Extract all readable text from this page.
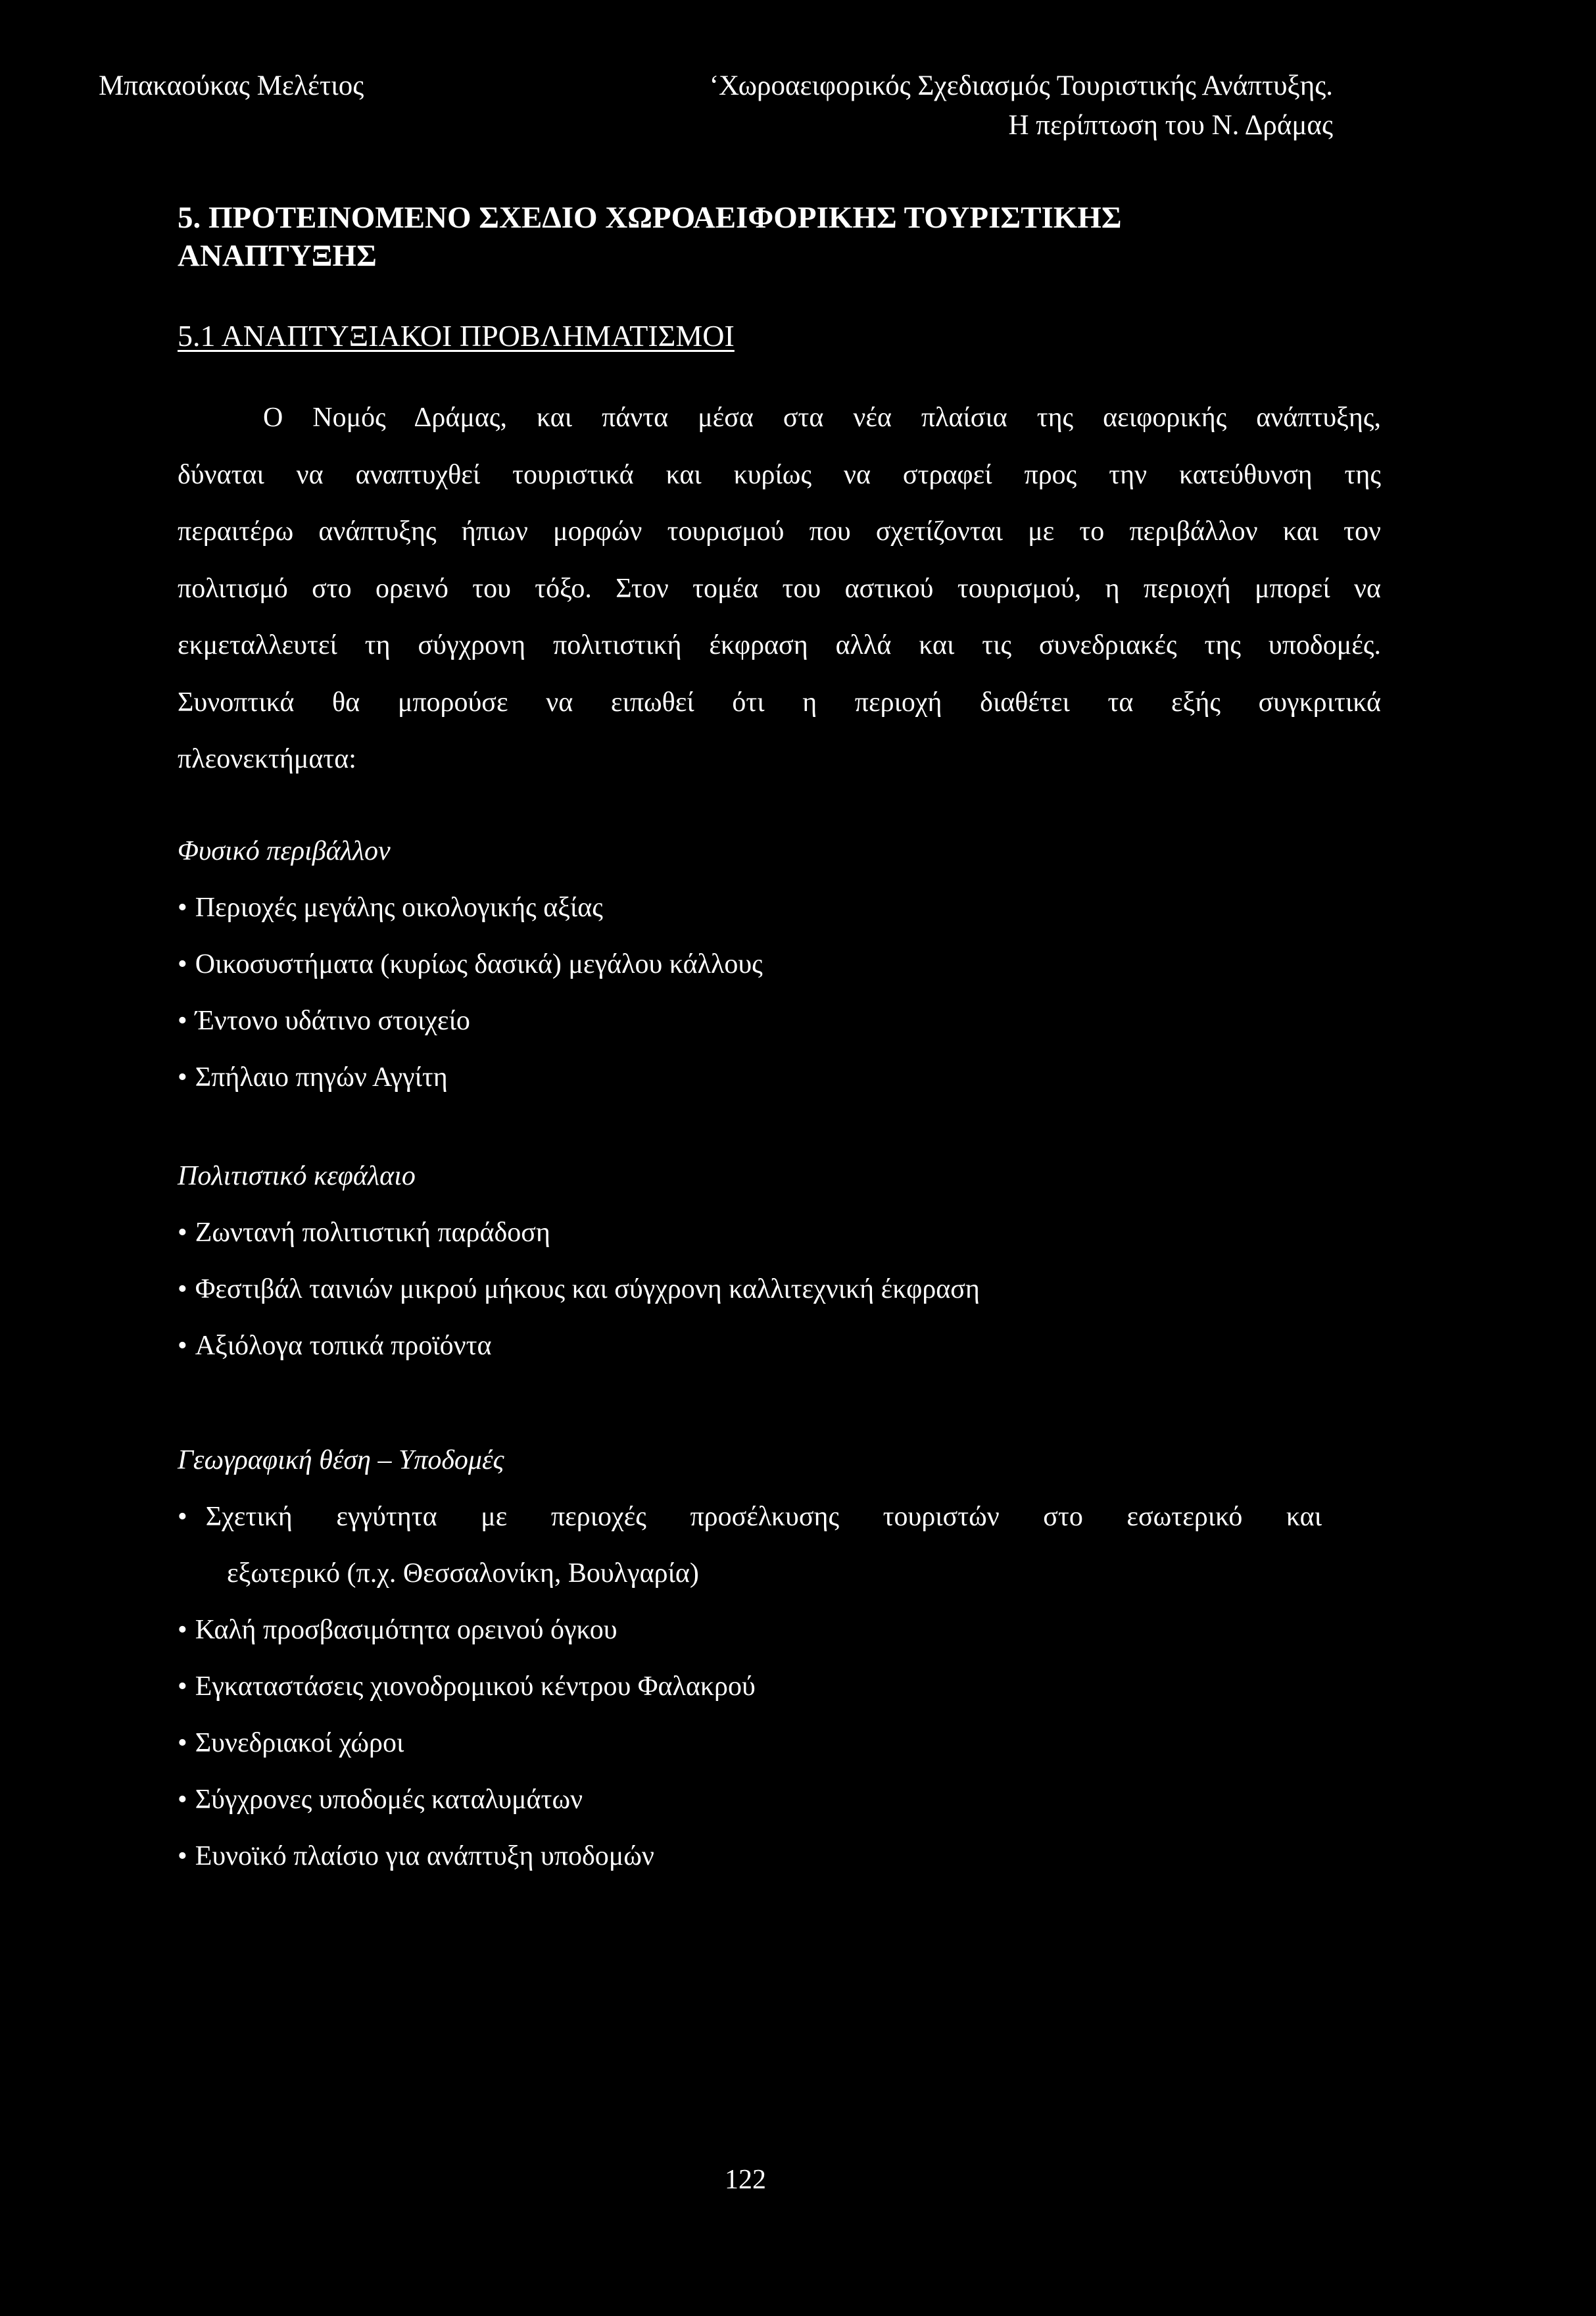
Μπακαούκας Μελέτιος	‘Χωροαειφορικός Σχεδιασμός Τουριστικής Ανάπτυξης.
Η περίπτωση του Ν. Δράμας
5. ΠΡΟΤΕΙΝΟΜΕΝΟ ΣΧΕΔΙΟ ΧΩΡΟΑΕΙΦΟΡΙΚΗΣ ΤΟΥΡΙΣΤΙΚΗΣ
ΑΝΑΠΤΥΞΗΣ
5.1 ΑΝΑΠΤΥΞΙΑΚΟΙ ΠΡΟΒΛΗΜΑΤΙΣΜΟΙ
Ο Νομός Δράμας, και πάντα μέσα στα νέα πλαίσια της αειφορικής ανάπτυξης,
δύναται να αναπτυχθεί τουριστικά και κυρίως να στραφεί προς την κατεύθυνση της
περαιτέρω ανάπτυξης ήπιων μορφών τουρισμού που σχετίζονται με το περιβάλλον και τον
πολιτισμό στο ορεινό του τόξο. Στον τομέα του αστικού τουρισμού, η περιοχή μπορεί να
εκμεταλλευτεί τη σύγχρονη πολιτιστική έκφραση αλλά και τις συνεδριακές της υποδομές.
Συνοπτικά θα μπορούσε να ειπωθεί ότι η περιοχή διαθέτει τα εξής συγκριτικά
πλεονεκτήματα:
Φυσικό περιβάλλον
• Περιοχές μεγάλης οικολογικής αξίας
• Οικοσυστήματα (κυρίως δασικά) μεγάλου κάλλους
• Έντονο υδάτινο στοιχείο
• Σπήλαιο πηγών Αγγίτη
Πολιτιστικό κεφάλαιο
• Ζωντανή πολιτιστική παράδοση
• Φεστιβάλ ταινιών μικρού μήκους και σύγχρονη καλλιτεχνική έκφραση
• Αξιόλογα τοπικά προϊόντα
Γεωγραφική θέση – Υποδομές
• Σχετική εγγύτητα με περιοχές προσέλκυσης τουριστών στο εσωτερικό και
εξωτερικό (π.χ. Θεσσαλονίκη, Βουλγαρία)
• Καλή προσβασιμότητα ορεινού όγκου
• Εγκαταστάσεις χιονοδρομικού κέντρου Φαλακρού
• Συνεδριακοί χώροι
• Σύγχρονες υποδομές καταλυμάτων
• Ευνοϊκό πλαίσιο για ανάπτυξη υποδομών
122
